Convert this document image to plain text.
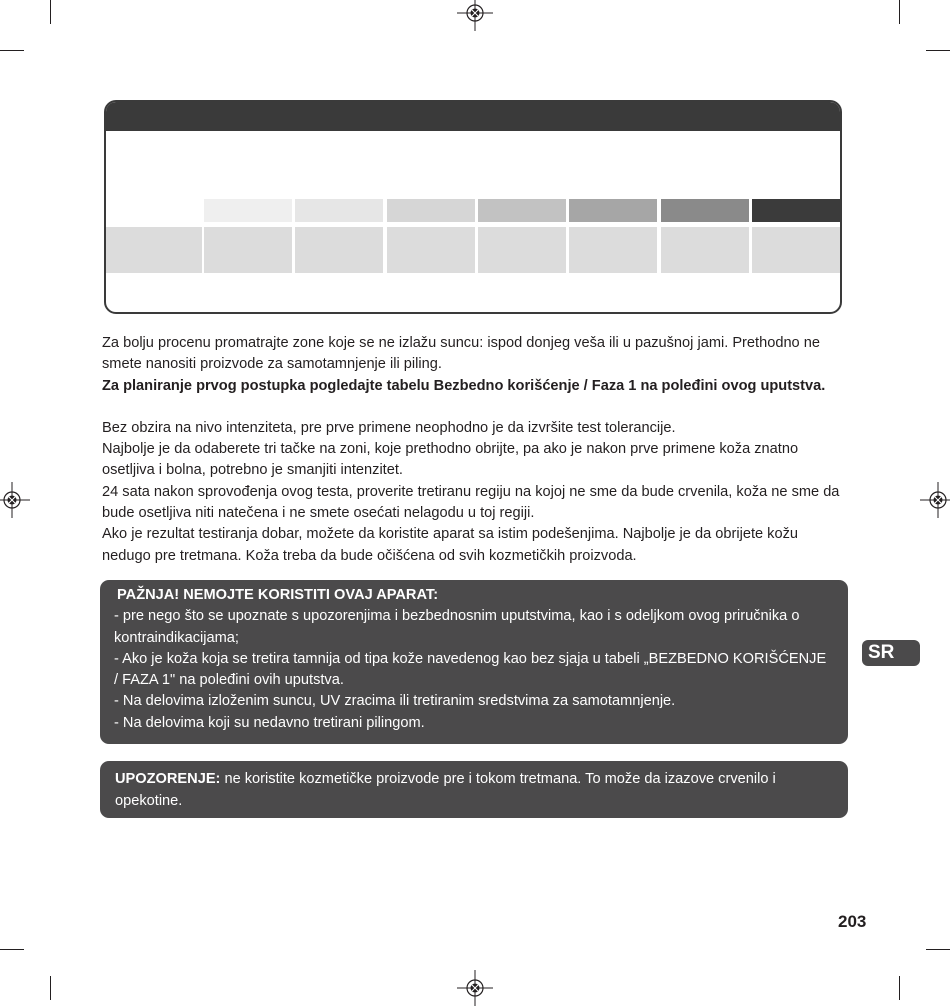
Za bolju procenu promatrajte zone koje se ne izlažu suncu: ispod donjeg veša ili u pazušnoj jami. Prethodno ne smete nanositi proizvode za samotamnjenje ili piling.

Za planiranje prvog postupka pogledajte tabelu Bezbedno korišćenje / Faza 1 na poleđini ovog uputstva.

Bez obzira na nivo intenziteta, pre prve primene neophodno je da izvršite test tolerancije.

Najbolje je da odaberete tri tačke na zoni, koje prethodno obrijte, pa ako je nakon prve primene koža znatno osetljiva i bolna, potrebno je smanjiti intenzitet.

24 sata nakon sprovođenja ovog testa, proverite tretiranu regiju na kojoj ne sme da bude crvenila, koža ne sme da bude osetljiva niti natečena i ne smete osećati nelagodu u toj regiji.

Ako je rezultat testiranja dobar, možete da koristite aparat sa istim podešenjima. Najbolje je da obrijete kožu nedugo pre tretmana. Koža treba da bude očišćena od svih kozmetičkih proizvoda.

PAŽNJA! NEMOJTE KORISTITI OVAJ APARAT:

- pre nego što se upoznate s upozorenjima i bezbednosnim uputstvima, kao i s odeljkom ovog priručnika o kontraindikacijama;

- Ako je koža koja se tretira tamnija od tipa kože navedenog kao bez sjaja u tabeli „BEZBEDNO KORIŠĆENJE / FAZA 1" na poleđini ovih uputstva.

- Na delovima izloženim suncu, UV zracima ili tretiranim sredstvima za samotamnjenje.

- Na delovima koji su nedavno tretirani pilingom.

UPOZORENJE: ne koristite kozmetičke proizvode pre i tokom tretmana. To može da izazove crvenilo i opekotine.
SR
203
